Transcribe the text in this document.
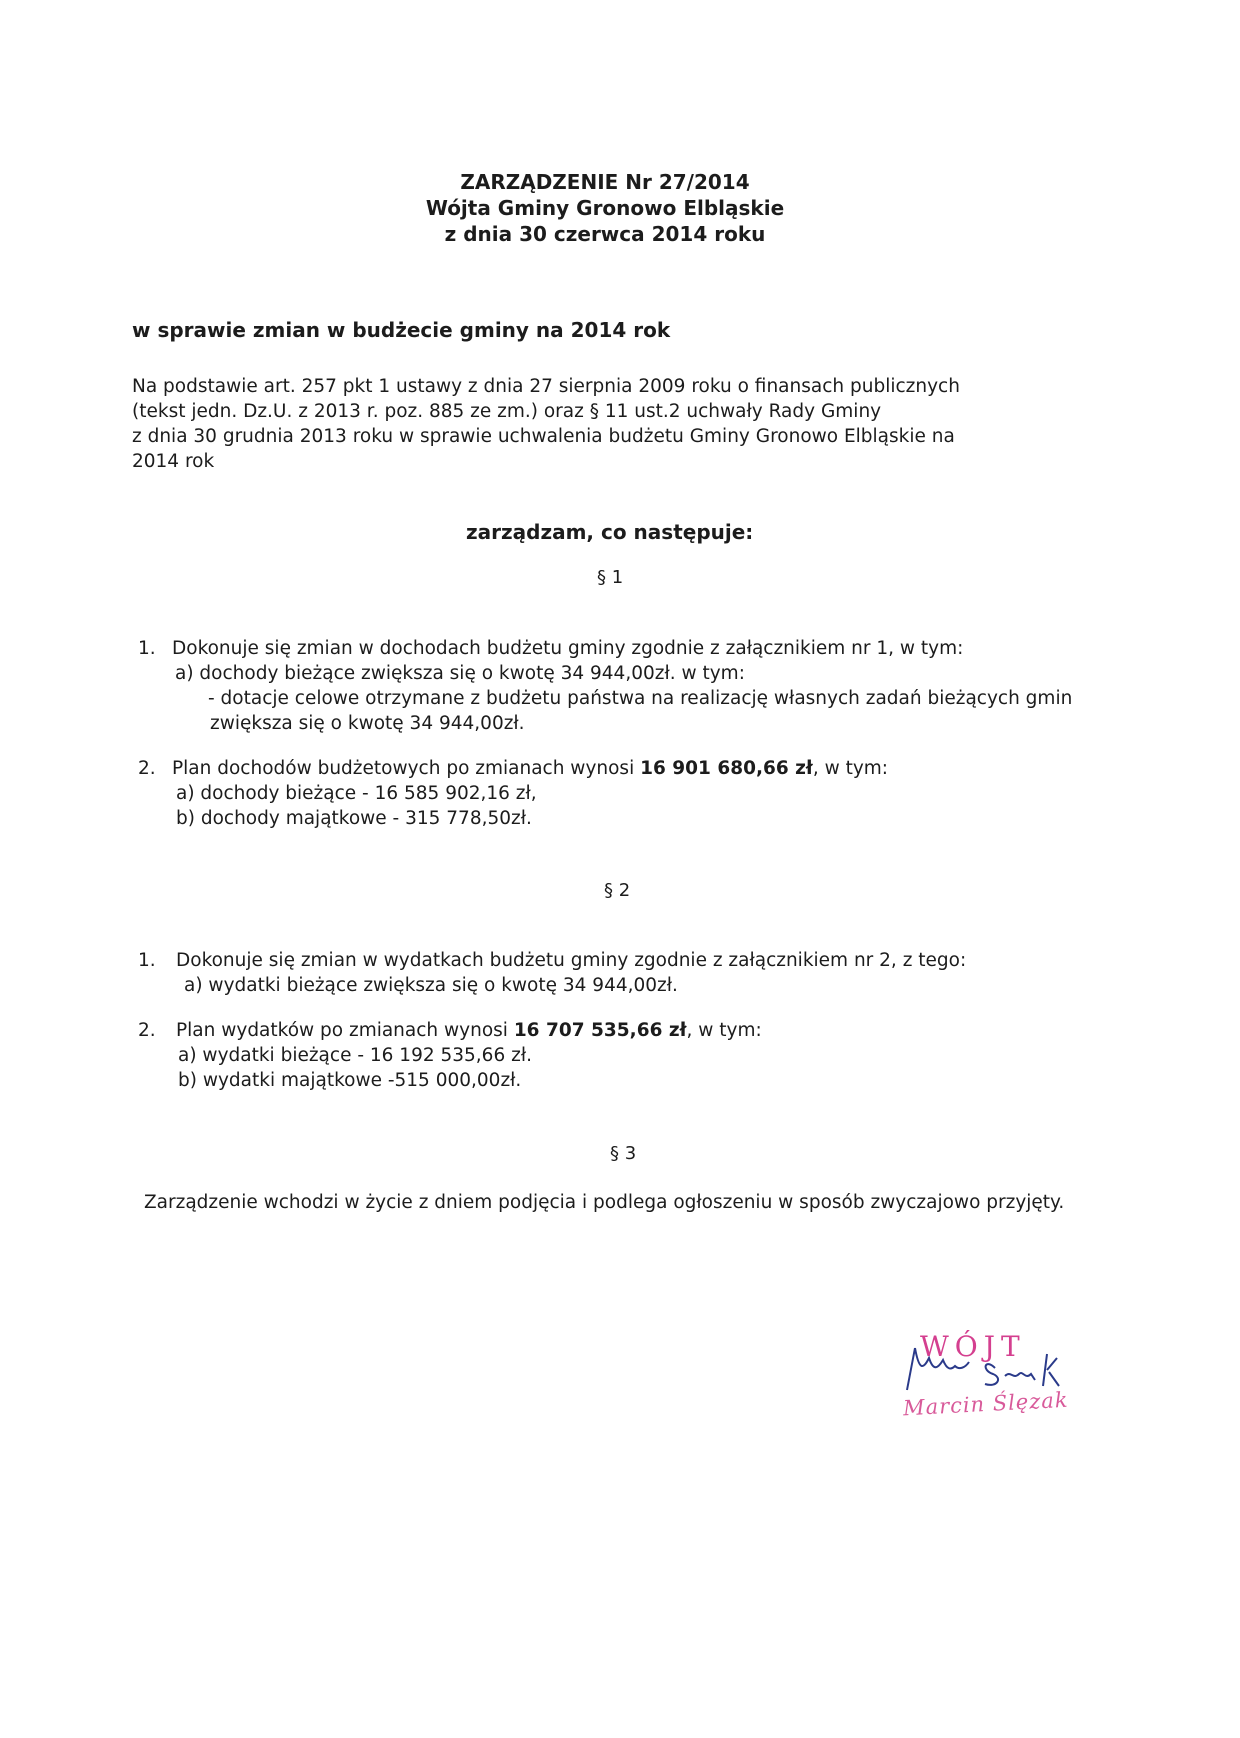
ZARZĄDZENIE Nr 27/2014

Wójta Gminy Gronowo Elbląskie

z dnia 30 czerwca 2014 roku

w sprawie zmian w budżecie gminy na 2014 rok

Na podstawie art. 257 pkt 1 ustawy z dnia 27 sierpnia 2009 roku o finansach publicznych
(tekst jedn. Dz.U. z 2013 r. poz. 885 ze zm.) oraz § 11 ust.2 uchwały Rady Gminy
z dnia 30 grudnia 2013 roku w sprawie uchwalenia budżetu Gminy Gronowo Elbląskie na
2014 rok

zarządzam, co następuje:

§ 1

1. Dokonuje się zmian w dochodach budżetu gminy zgodnie z załącznikiem nr 1, w tym:
a) dochody bieżące zwiększa się o kwotę 34 944,00zł. w tym:
- dotacje celowe otrzymane z budżetu państwa na realizację własnych zadań bieżących gmin
zwiększa się o kwotę 34 944,00zł.
2. Plan dochodów budżetowych po zmianach wynosi 16 901 680,66 zł, w tym:
a) dochody bieżące - 16 585 902,16 zł,
b) dochody majątkowe - 315 778,50zł.

§ 2

1. Dokonuje się zmian w wydatkach budżetu gminy zgodnie z załącznikiem nr 2, z tego:
a) wydatki bieżące zwiększa się o kwotę 34 944,00zł.
2. Plan wydatków po zmianach wynosi 16 707 535,66 zł, w tym:
a) wydatki bieżące - 16 192 535,66 zł.
b) wydatki majątkowe -515 000,00zł.

§ 3

Zarządzenie wchodzi w życie z dniem podjęcia i podlega ogłoszeniu w sposób zwyczajowo przyjęty.
WÓJT
Marcin Ślęzak
